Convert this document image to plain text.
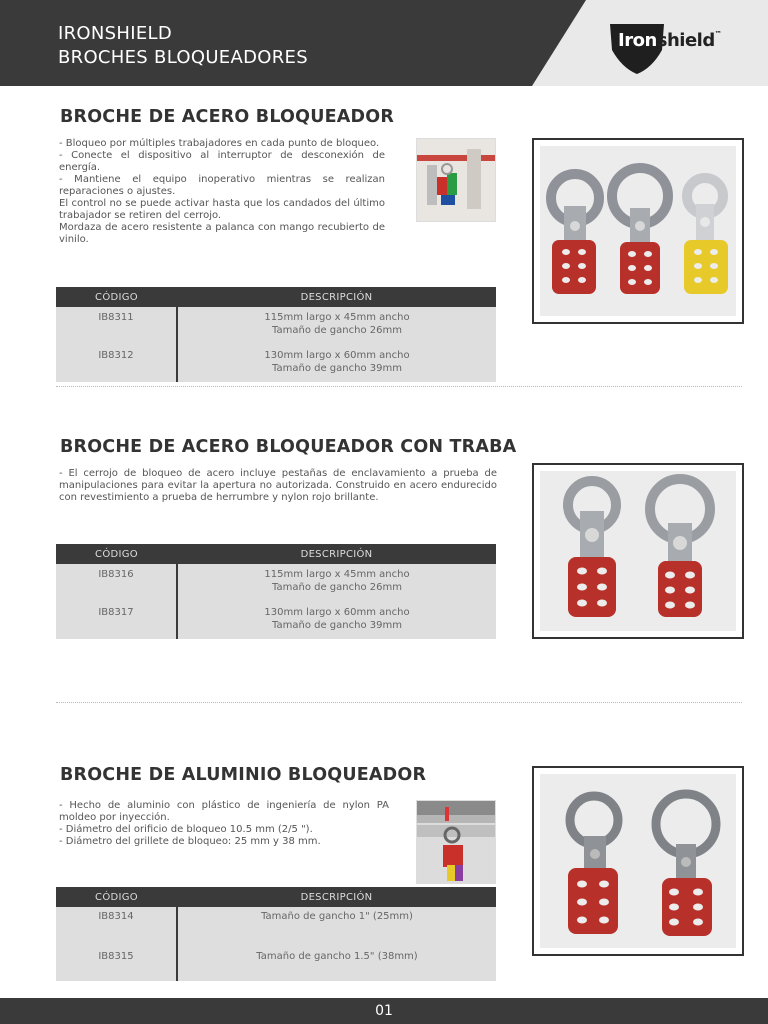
IRONSHIELD
BROCHES BLOQUEADORES
Ironshield™
BROCHE DE ACERO BLOQUEADOR
- Bloqueo por múltiples trabajadores en cada punto de bloqueo.
- Conecte el dispositivo al interruptor de desconexión de energía.
- Mantiene el equipo inoperativo mientras se realizan reparaciones o ajustes.
El control no se puede activar hasta que los candados del último trabajador se retiren del cerrojo.
Mordaza de acero resistente a palanca con mango recubierto de vinilo.
CÓDIGO	DESCRIPCIÓN
IB8311	115mm largo x 45mm ancho
Tamaño de gancho 26mm

IB8312	130mm largo x 60mm ancho
Tamaño de gancho 39mm
BROCHE DE ACERO BLOQUEADOR CON TRABA
- El cerrojo de bloqueo de acero incluye pestañas de enclavamiento a prueba de manipulaciones para evitar la apertura no autorizada. Construido en acero endurecido con revestimiento a prueba de herrumbre y nylon rojo brillante.
CÓDIGO	DESCRIPCIÓN
IB8316	115mm largo x 45mm ancho
Tamaño de gancho 26mm

IB8317	130mm largo x 60mm ancho
Tamaño de gancho 39mm
BROCHE DE ALUMINIO BLOQUEADOR
- Hecho de aluminio con plástico de ingeniería de nylon PA moldeo por inyección.
- Diámetro del orificio de bloqueo 10.5 mm (2/5 ").
- Diámetro del grillete de bloqueo: 25 mm y 38 mm.
CÓDIGO	DESCRIPCIÓN
IB8314	Tamaño de gancho 1" (25mm)
IB8315	Tamaño de gancho 1.5" (38mm)
01
